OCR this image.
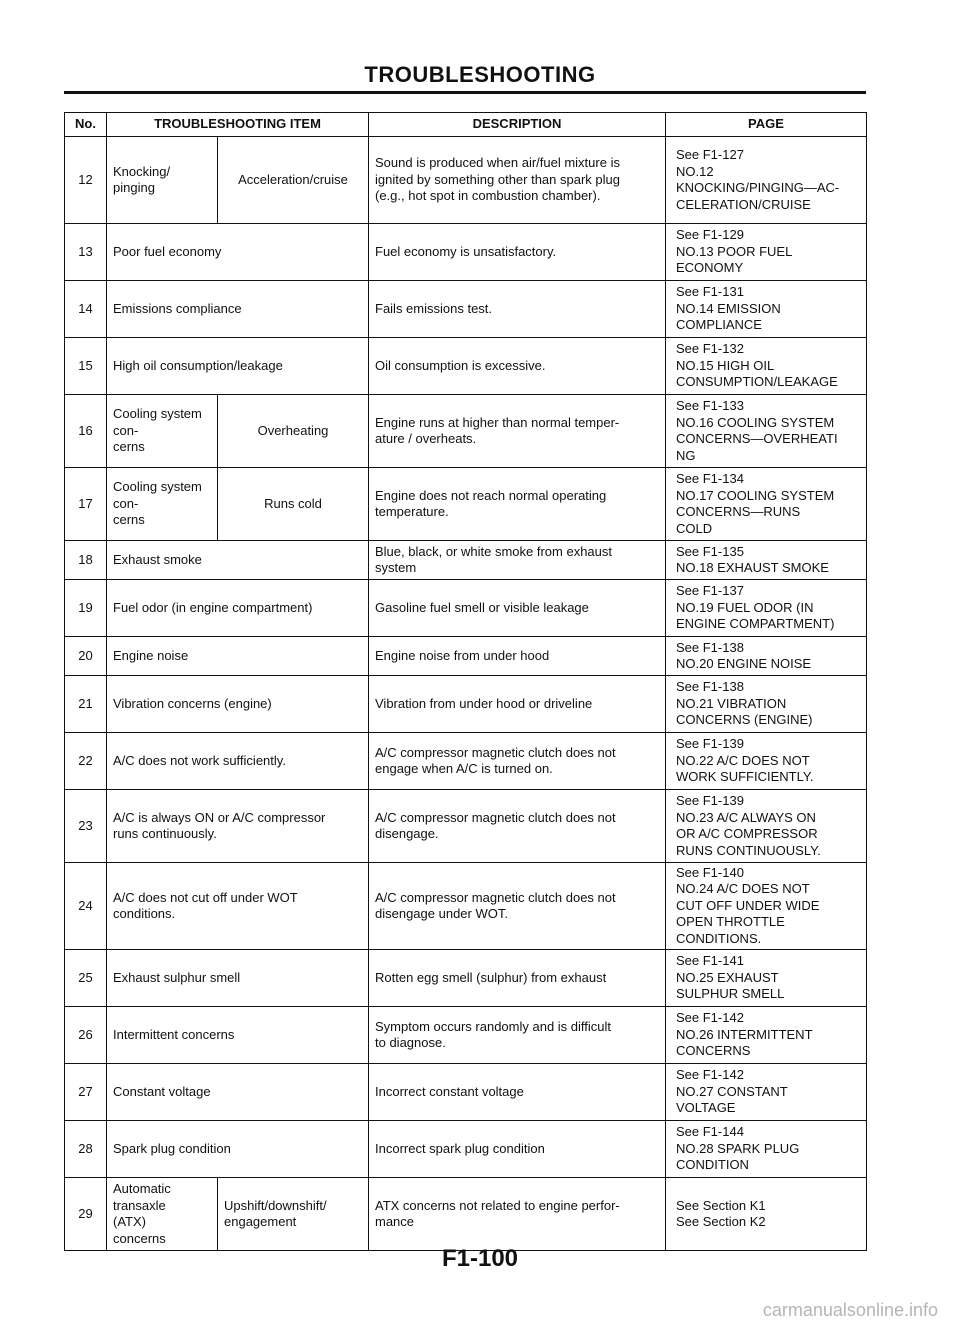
TROUBLESHOOTING
No.	TROUBLESHOOTING ITEM		DESCRIPTION	PAGE
12	Knocking/
pinging	Acceleration/cruise	Sound is produced when air/fuel mixture is
ignited by something other than spark plug
(e.g., hot spot in combustion chamber).	See F1-127
NO.12
KNOCKING/PINGING—AC-
CELERATION/CRUISE

13	Poor fuel economy		Fuel economy is unsatisfactory.	See F1-129
NO.13 POOR FUEL
ECONOMY

14	Emissions compliance		Fails emissions test.	See F1-131
NO.14 EMISSION
COMPLIANCE

15	High oil consumption/leakage		Oil consumption is excessive.	See F1-132
NO.15 HIGH OIL
CONSUMPTION/LEAKAGE

16	Cooling system con-
cerns	Overheating	Engine runs at higher than normal temper-
ature / overheats.	See F1-133
NO.16 COOLING SYSTEM
CONCERNS—OVERHEATI
NG

17	Cooling system con-
cerns	Runs cold	Engine does not reach normal operating
temperature.	See F1-134
NO.17 COOLING SYSTEM
CONCERNS—RUNS
COLD

18	Exhaust smoke		Blue, black, or white smoke from exhaust
system	See F1-135
NO.18 EXHAUST SMOKE

19	Fuel odor (in engine compartment)		Gasoline fuel smell or visible leakage	See F1-137
NO.19 FUEL ODOR (IN
ENGINE COMPARTMENT)

20	Engine noise		Engine noise from under hood	See F1-138
NO.20 ENGINE NOISE

21	Vibration concerns (engine)		Vibration from under hood or driveline	See F1-138
NO.21 VIBRATION
CONCERNS (ENGINE)

22	A/C does not work sufficiently.		A/C compressor magnetic clutch does not
engage when A/C is turned on.	See F1-139
NO.22 A/C DOES NOT
WORK SUFFICIENTLY.

23	A/C is always ON or A/C compressor
runs continuously.		A/C compressor magnetic clutch does not
disengage.	See F1-139
NO.23 A/C ALWAYS ON
OR A/C COMPRESSOR
RUNS CONTINUOUSLY.

24	A/C does not cut off under WOT
conditions.		A/C compressor magnetic clutch does not
disengage under WOT.	See F1-140
NO.24 A/C DOES NOT
CUT OFF UNDER WIDE
OPEN THROTTLE
CONDITIONS.

25	Exhaust sulphur smell		Rotten egg smell (sulphur) from exhaust	See F1-141
NO.25 EXHAUST
SULPHUR SMELL

26	Intermittent concerns		Symptom occurs randomly and is difficult
to diagnose.	See F1-142
NO.26 INTERMITTENT
CONCERNS

27	Constant voltage		Incorrect constant voltage	See F1-142
NO.27 CONSTANT
VOLTAGE

28	Spark plug condition		Incorrect spark plug condition	See F1-144
NO.28 SPARK PLUG
CONDITION

29	Automatic
transaxle
(ATX)
concerns	Upshift/downshift/
engagement	ATX concerns not related to engine perfor-
mance	See Section K1
See Section K2
F1-100
carmanualsonline.info
